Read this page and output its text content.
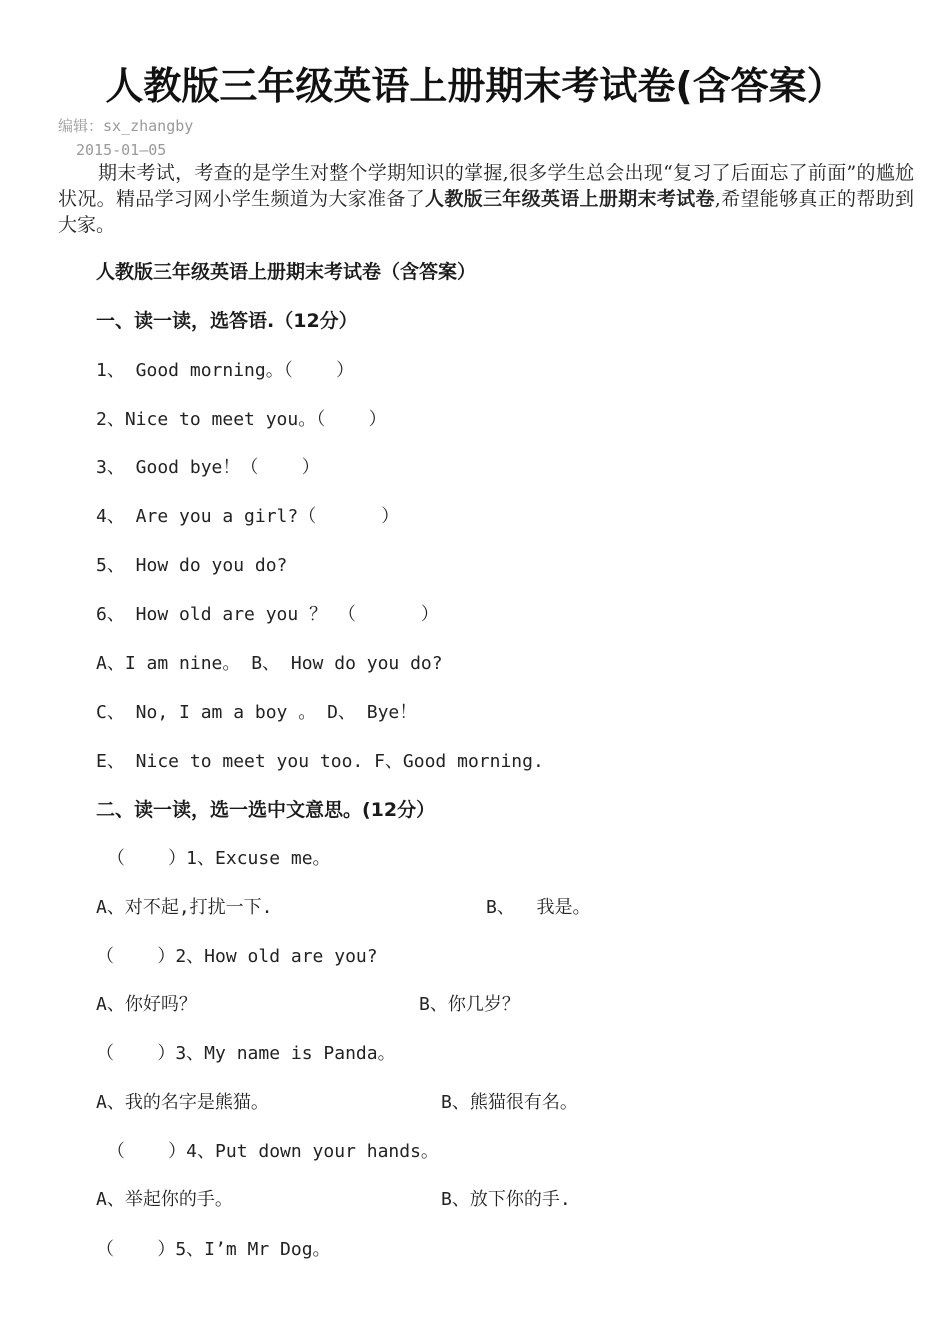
人教版三年级英语上册期末考试卷(含答案）
编辑：sx_zhangby
2015-01—05
期末考试，考查的是学生对整个学期知识的掌握,很多学生总会出现“复习了后面忘了前面”的尴尬状况。精品学习网小学生频道为大家准备了人教版三年级英语上册期末考试卷,希望能够真正的帮助到大家。
人教版三年级英语上册期末考试卷（含答案）
一、读一读，选答语.（12分）
1、 Good morning。（    ）
2、Nice to meet you。（    ）
3、 Good bye！（    ）
4、 Are you a girl?（      ）
5、 How do you do?
6、 How old are you ？ （      ）
A、I am nine。 B、 How do you do?
C、 No, I am a boy 。 D、 Bye！
E、 Nice to meet you too. F、Good morning.
二、读一读，选一选中文意思。(12分）
（    ）1、Excuse me。
A、对不起,打扰一下.	B、  我是。
（    ）2、How old are you?
A、你好吗？	B、你几岁？
（    ）3、My name is Panda。
A、我的名字是熊猫。	B、熊猫很有名。
（    ）4、Put down your hands。
A、举起你的手。	B、放下你的手.
（    ）5、I’m Mr Dog。
